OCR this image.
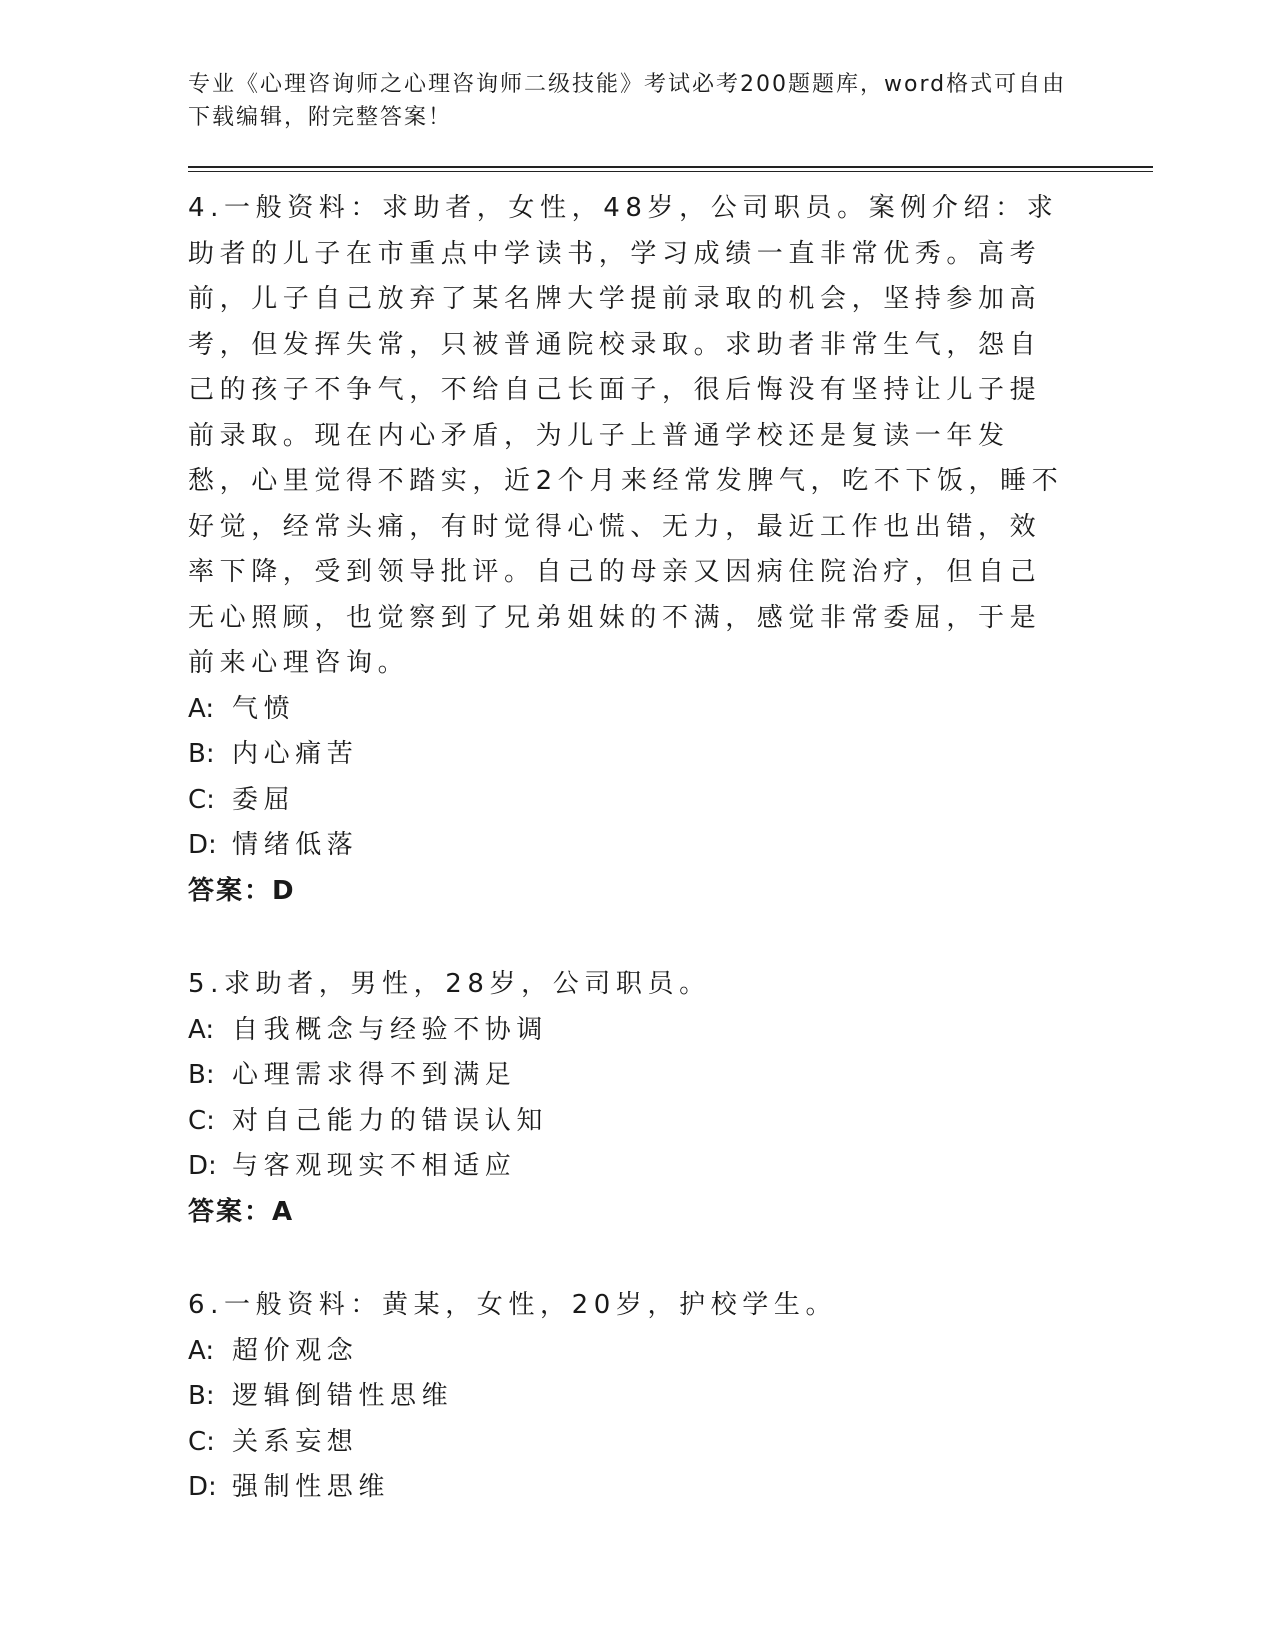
专业《心理咨询师之心理咨询师二级技能》考试必考200题题库，word格式可自由下载编辑，附完整答案！

4.一般资料：求助者，女性，48岁，公司职员。案例介绍：求助者的儿子在市重点中学读书，学习成绩一直非常优秀。高考前，儿子自己放弃了某名牌大学提前录取的机会，坚持参加高考，但发挥失常，只被普通院校录取。求助者非常生气，怨自己的孩子不争气，不给自己长面子，很后悔没有坚持让儿子提前录取。现在内心矛盾，为儿子上普通学校还是复读一年发愁，心里觉得不踏实，近2个月来经常发脾气，吃不下饭，睡不好觉，经常头痛，有时觉得心慌、无力，最近工作也出错，效率下降，受到领导批评。自己的母亲又因病住院治疗，但自己无心照顾，也觉察到了兄弟姐妹的不满，感觉非常委屈，于是前来心理咨询。

A: 气愤

B: 内心痛苦

C: 委屈

D: 情绪低落

答案：D

5.求助者，男性，28岁，公司职员。

A: 自我概念与经验不协调

B: 心理需求得不到满足

C: 对自己能力的错误认知

D: 与客观现实不相适应

答案：A

6.一般资料：黄某，女性，20岁，护校学生。

A: 超价观念

B: 逻辑倒错性思维

C: 关系妄想

D: 强制性思维
